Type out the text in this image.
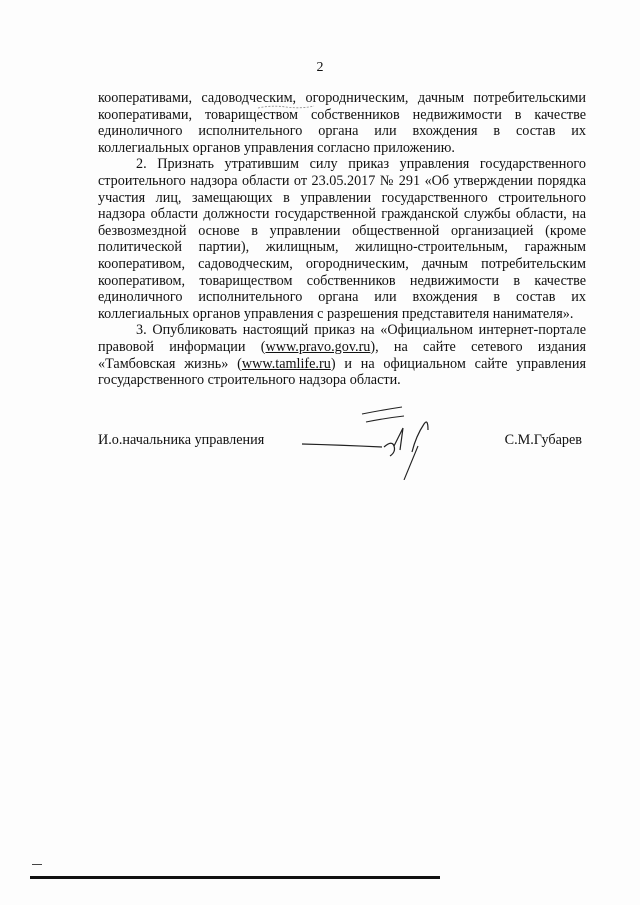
2

кооперативами, садоводческим, огородническим, дачным потребительскими кооперативами, товариществом собственников недвижимости в качестве единоличного исполнительного органа или вхождения в состав их коллегиальных органов управления согласно приложению.

2. Признать утратившим силу приказ управления государственного строительного надзора области от 23.05.2017 № 291 «Об утверждении порядка участия лиц, замещающих в управлении государственного строительного надзора области должности государственной гражданской службы области, на безвозмездной основе в управлении общественной организацией (кроме политической партии), жилищным, жилищно-строительным, гаражным кооперативом, садоводческим, огородническим, дачным потребительским кооперативом, товариществом собственников недвижимости в качестве единоличного исполнительного органа или вхождения в состав их коллегиальных органов управления с разрешения представителя нанимателя».

3. Опубликовать настоящий приказ на «Официальном интернет-портале правовой информации (www.pravo.gov.ru), на сайте сетевого издания «Тамбовская жизнь» (www.tamlife.ru) и на официальном сайте управления государственного строительного надзора области.

И.о.начальника управления	С.М.Губарев
